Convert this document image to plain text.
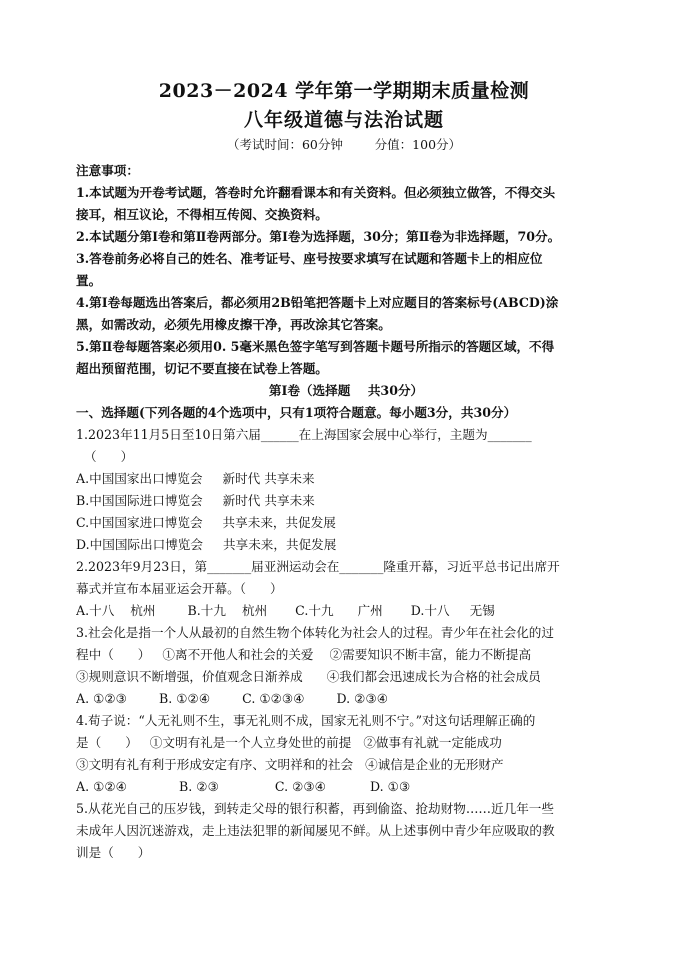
2023－2024 学年第一学期期末质量检测
八年级道德与法治试题
（考试时间：60分钟        分值：100分）
注意事项：
1.本试题为开卷考试题，答卷时允许翻看课本和有关资料。但必须独立做答，不得交头
接耳，相互议论，不得相互传阅、交换资料。
2.本试题分第Ⅰ卷和第Ⅱ卷两部分。第Ⅰ卷为选择题，30分；第Ⅱ卷为非选择题，70分。
3.答卷前务必将自己的姓名、准考证号、座号按要求填写在试题和答题卡上的相应位
置。
4.第Ⅰ卷每题选出答案后，都必须用2B铅笔把答题卡上对应题目的答案标号(ABCD)涂
黑，如需改动，必须先用橡皮擦干净，再改涂其它答案。
5.第Ⅱ卷每题答案必须用0. 5毫米黑色签字笔写到答题卡题号所指示的答题区域，不得
超出预留范围，切记不要直接在试卷上答题。
第Ⅰ卷（选择题    共30分）
一、选择题(下列各题的4个选项中，只有1项符合题意。每小题3分，共30分）
1.2023年11月5日至10日第六届______在上海国家会展中心举行，主题为_______
（      ）
A.中国国家出口博览会     新时代 共享未来
B.中国国际进口博览会     新时代 共享未来
C.中国国家进口博览会     共享未来，共促发展
D.中国国际出口博览会     共享未来，共促发展
2.2023年9月23日，第_______届亚洲运动会在_______隆重开幕，习近平总书记出席开
幕式并宣布本届亚运会开幕。（      ）
A.十八    杭州        B.十九    杭州       C.十九      广州       D.十八     无锡
3.社会化是指一个人从最初的自然生物个体转化为社会人的过程。青少年在社会化的过
程中（      ）   ①离不开他人和社会的关爱    ②需要知识不断丰富，能力不断提高
③规则意识不断增强，价值观念日渐养成      ④我们都会迅速成长为合格的社会成员
A. ①②③        B. ①②④        C. ①②③④        D. ②③④
4.荀子说：“人无礼则不生，事无礼则不成，国家无礼则不宁。”对这句话理解正确的
是（      ）   ①文明有礼是一个人立身处世的前提   ②做事有礼就一定能成功
③文明有礼有利于形成安定有序、文明祥和的社会   ④诚信是企业的无形财产
A. ①②④             B. ②③              C. ②③④           D. ①③
5.从花光自己的压岁钱，到转走父母的银行积蓄，再到偷盗、抢劫财物……近几年一些
未成年人因沉迷游戏，走上违法犯罪的新闻屡见不鲜。从上述事例中青少年应吸取的教
训是（      ）
